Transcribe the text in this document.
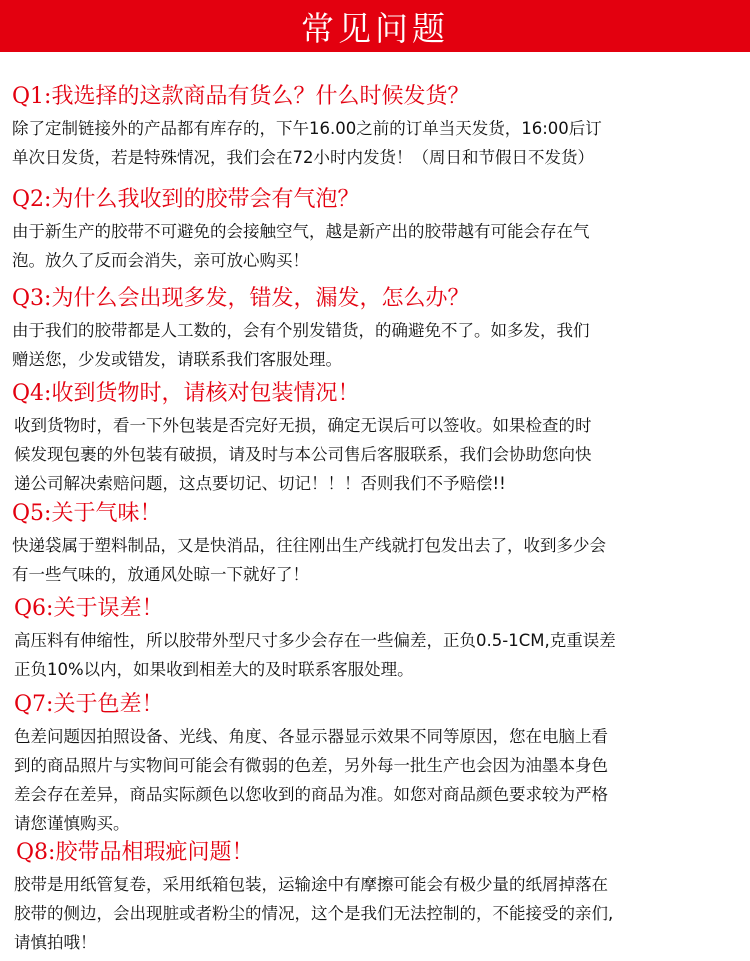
常见问题
Q1:我选择的这款商品有货么？什么时候发货？
除了定制链接外的产品都有库存的，下午16.00之前的订单当天发货，16:00后订
单次日发货，若是特殊情况，我们会在72小时内发货！（周日和节假日不发货）
Q2:为什么我收到的胶带会有气泡？
由于新生产的胶带不可避免的会接触空气，越是新产出的胶带越有可能会存在气
泡。放久了反而会消失，亲可放心购买！
Q3:为什么会出现多发，错发，漏发，怎么办？
由于我们的胶带都是人工数的，会有个别发错货，的确避免不了。如多发，我们
赠送您，少发或错发，请联系我们客服处理。
Q4:收到货物时，请核对包装情况！
收到货物时，看一下外包装是否完好无损，确定无误后可以签收。如果检查的时
候发现包裹的外包装有破损，请及时与本公司售后客服联系，我们会协助您向快
递公司解决索赔问题，这点要切记、切记！！！否则我们不予赔偿!!
Q5:关于气味！
快递袋属于塑料制品，又是快消品，往往刚出生产线就打包发出去了，收到多少会
有一些气味的，放通风处晾一下就好了！
Q6:关于误差！
高压料有伸缩性，所以胶带外型尺寸多少会存在一些偏差，正负0.5-1CM,克重误差
正负10%以内，如果收到相差大的及时联系客服处理。
Q7:关于色差！
色差问题因拍照设备、光线、角度、各显示器显示效果不同等原因，您在电脑上看
到的商品照片与实物间可能会有微弱的色差，另外每一批生产也会因为油墨本身色
差会存在差异，商品实际颜色以您收到的商品为准。如您对商品颜色要求较为严格
请您谨慎购买。
Q8:胶带品相瑕疵问题！
胶带是用纸管复卷，采用纸箱包装，运输途中有摩擦可能会有极少量的纸屑掉落在
胶带的侧边，会出现脏或者粉尘的情况，这个是我们无法控制的，不能接受的亲们,
请慎拍哦！
